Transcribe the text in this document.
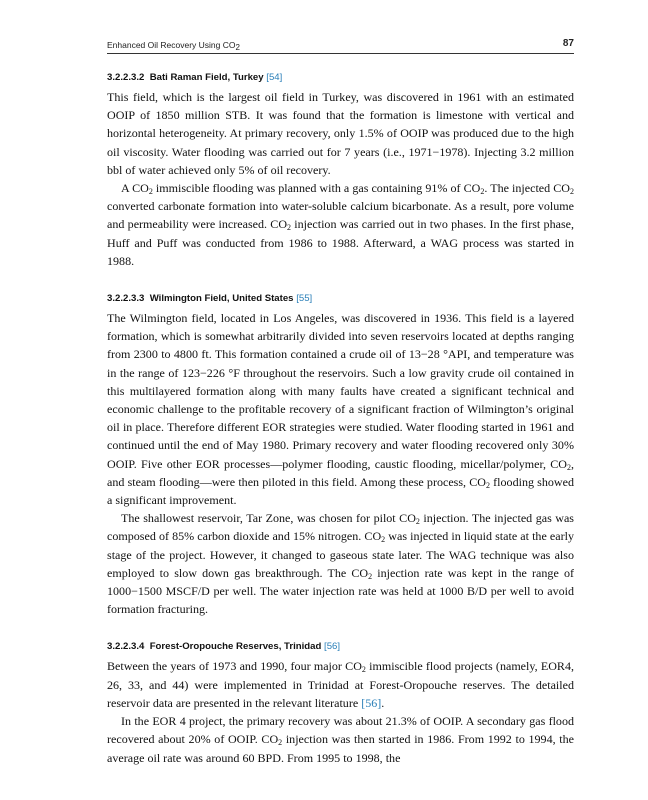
Enhanced Oil Recovery Using $CO_2$	87
3.2.2.3.2 Bati Raman Field, Turkey [54]

This field, which is the largest oil field in Turkey, was discovered in 1961 with an estimated OOIP of 1850 million STB. It was found that the formation is limestone with vertical and horizontal heterogeneity. At primary recovery, only 1.5% of OOIP was produced due to the high oil viscosity. Water flooding was carried out for 7 years (i.e., 1971−1978). Injecting 3.2 million bbl of water achieved only 5% of oil recovery.

A $CO_2$ immiscible flooding was planned with a gas containing 91% of $CO_2$. The injected $CO_2$ converted carbonate formation into water-soluble calcium bicarbonate. As a result, pore volume and permeability were increased. $CO_2$ injection was carried out in two phases. In the first phase, Huff and Puff was conducted from 1986 to 1988. Afterward, a WAG process was started in 1988.

3.2.2.3.3 Wilmington Field, United States [55]

The Wilmington field, located in Los Angeles, was discovered in 1936. This field is a layered formation, which is somewhat arbitrarily divided into seven reservoirs located at depths ranging from 2300 to 4800 ft. This formation contained a crude oil of 13−28 °API, and temperature was in the range of 123−226 °F throughout the reservoirs. Such a low gravity crude oil contained in this multilayered formation along with many faults have created a significant technical and economic challenge to the profitable recovery of a significant fraction of Wilmington’s original oil in place. Therefore different EOR strategies were studied. Water flooding started in 1961 and continued until the end of May 1980. Primary recovery and water flooding recovered only 30% OOIP. Five other EOR processes—polymer flooding, caustic flooding, micellar/polymer, $CO_2$, and steam flooding—were then piloted in this field. Among these process, $CO_2$ flooding showed a significant improvement.

The shallowest reservoir, Tar Zone, was chosen for pilot $CO_2$ injection. The injected gas was composed of 85% carbon dioxide and 15% nitrogen. $CO_2$ was injected in liquid state at the early stage of the project. However, it changed to gaseous state later. The WAG technique was also employed to slow down gas breakthrough. The $CO_2$ injection rate was kept in the range of 1000−1500 MSCF/D per well. The water injection rate was held at 1000 B/D per well to avoid formation fracturing.

3.2.2.3.4 Forest-Oropouche Reserves, Trinidad [56]

Between the years of 1973 and 1990, four major $CO_2$ immiscible flood projects (namely, EOR4, 26, 33, and 44) were implemented in Trinidad at Forest-Oropouche reserves. The detailed reservoir data are presented in the relevant literature [56].

In the EOR 4 project, the primary recovery was about 21.3% of OOIP. A secondary gas flood recovered about 20% of OOIP. $CO_2$ injection was then started in 1986. From 1992 to 1994, the average oil rate was around 60 BPD. From 1995 to 1998, the
